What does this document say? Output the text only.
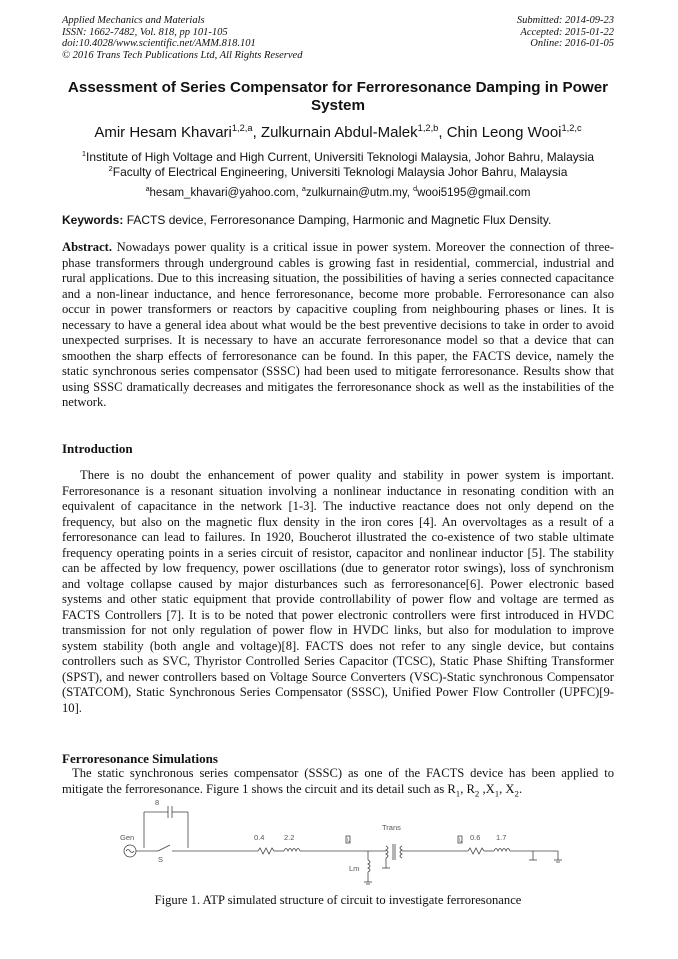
Applied Mechanics and Materials
ISSN: 1662-7482, Vol. 818, pp 101-105
doi:10.4028/www.scientific.net/AMM.818.101
© 2016 Trans Tech Publications Ltd, All Rights Reserved
Submitted: 2014-09-23
Accepted: 2015-01-22
Online: 2016-01-05
Assessment of Series Compensator for Ferroresonance Damping in Power System
Amir Hesam Khavari$^{1,2,a}$, Zulkurnain Abdul-Malek$^{1,2,b}$, Chin Leong Wooi$^{1,2,c}$
$^1$Institute of High Voltage and High Current, Universiti Teknologi Malaysia, Johor Bahru, Malaysia
$^2$Faculty of Electrical Engineering, Universiti Teknologi Malaysia Johor Bahru, Malaysia
$^a$hesam_khavari@yahoo.com, $^a$zulkurnain@utm.my, $^d$wooi5195@gmail.com
Keywords: FACTS device, Ferroresonance Damping, Harmonic and Magnetic Flux Density.

Abstract. Nowadays power quality is a critical issue in power system. Moreover the connection of three-phase transformers through underground cables is growing fast in residential, commercial, industrial and rural applications. Due to this increasing situation, the possibilities of having a series connected capacitance and a non-linear inductance, and hence ferroresonance, become more probable. Ferroresonance can also occur in power transformers or reactors by capacitive coupling from neighbouring phases or lines. It is necessary to have a general idea about what would be the best preventive decisions to take in order to avoid unexpected surprises. It is necessary to have an accurate ferroresonance model so that a device that can smoothen the sharp effects of ferroresonance can be found. In this paper, the FACTS device, namely the static synchronous series compensator (SSSC) had been used to mitigate ferroresonance. Results show that using SSSC dramatically decreases and mitigates the ferroresonance shock as well as the instabilities of the network.

Introduction

There is no doubt the enhancement of power quality and stability in power system is important. Ferroresonance is a resonant situation involving a nonlinear inductance in resonating condition with an equivalent of capacitance in the network [1-3]. The inductive reactance does not only depend on the frequency, but also on the magnetic flux density in the iron cores [4]. An overvoltages as a result of a ferroresonance can lead to failures. In 1920, Boucherot illustrated the co-existence of two stable ultimate frequency operating points in a series circuit of resistor, capacitor and nonlinear inductor [5]. The stability can be affected by low frequency, power oscillations (due to generator rotor swings), loss of synchronism and voltage collapse caused by major disturbances such as ferroresonance[6]. Power electronic based systems and other static equipment that provide controllability of power flow and voltage are termed as FACTS Controllers [7]. It is to be noted that power electronic controllers were first introduced in HVDC transmission for not only regulation of power flow in HVDC links, but also for modulation to improve system stability (both angle and voltage)[8]. FACTS does not refer to any single device, but contains controllers such as SVC, Thyristor Controlled Series Capacitor (TCSC), Static Phase Shifting Transformer (SPST), and newer controllers based on Voltage Source Converters (VSC)-Static synchronous Compensator (STATCOM), Static Synchronous Series Compensator (SSSC), Unified Power Flow Controller (UPFC)[9-10].

Ferroresonance Simulations

The static synchronous series compensator (SSSC) as one of the FACTS device has been applied to mitigate the ferroresonance. Figure 1 shows the circuit and its detail such as $R_1$, $R_2$ $,X_1$, $X_2$.

8
Gen
S
0.4	2.2
Trans
Lm
0.6 1.7
U	U
Figure 1. ATP simulated structure of circuit to investigate ferroresonance
